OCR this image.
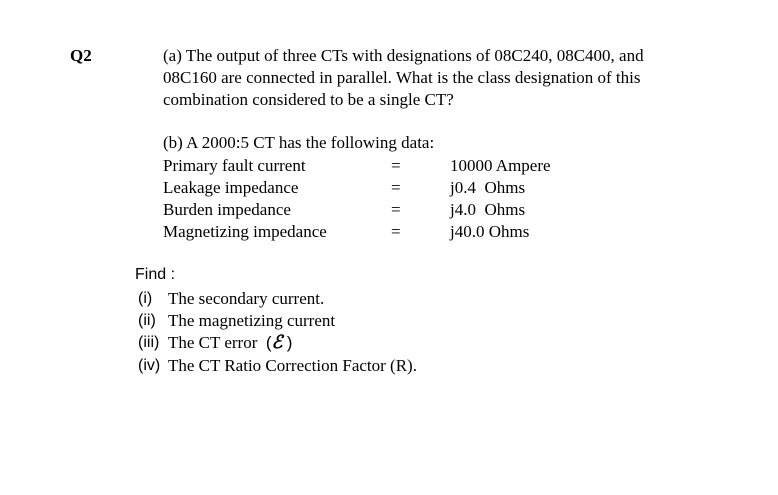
Q2	(a) The output of three CTs with designations of 08C240, 08C400, and
08C160 are connected in parallel. What is the class designation of this
combination considered to be a single CT?
(b) A 2000:5 CT has the following data:
Primary fault current	=	10000 Ampere
Leakage impedance	=	j0.4  Ohms
Burden impedance	=	j4.0  Ohms
Magnetizing impedance	=	j40.0 Ohms
Find :
(i) The secondary current.
(ii) The magnetizing current
(iii) The CT error (ℰ )
(iv) The CT Ratio Correction Factor (R).
